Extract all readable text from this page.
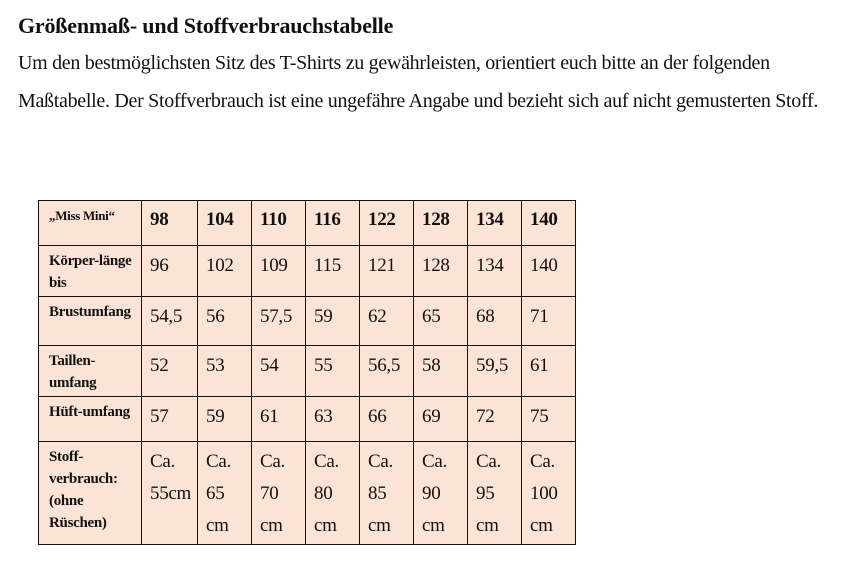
Größenmaß- und Stoffverbrauchstabelle

Um den bestmöglichsten Sitz des T-Shirts zu gewährleisten, orientiert euch bitte an der folgenden Maßtabelle. Der Stoffverbrauch ist eine ungefähre Angabe und bezieht sich auf nicht gemusterten Stoff.

„Miss Mini“	98	104	110	116	122	128	134	140
Körper-länge bis	96	102	109	115	121	128	134	140
Brustumfang	54,5	56	57,5	59	62	65	68	71
Taillen-umfang	52	53	54	55	56,5	58	59,5	61
Hüft-umfang	57	59	61	63	66	69	72	75
Stoff-verbrauch: (ohne Rüschen)	Ca. 55cm	Ca. 65 cm	Ca. 70 cm	Ca. 80 cm	Ca. 85 cm	Ca. 90 cm	Ca. 95 cm	Ca. 100 cm
